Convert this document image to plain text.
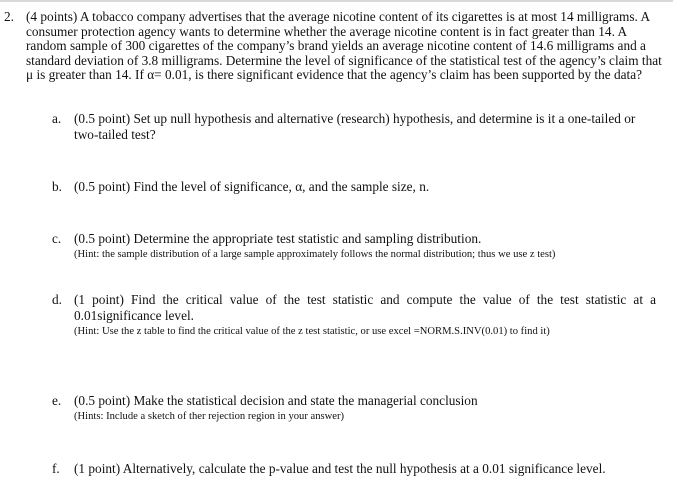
2. (4 points) A tobacco company advertises that the average nicotine content of its cigarettes is at most 14 milligrams. A consumer protection agency wants to determine whether the average nicotine content is in fact greater than 14. A random sample of 300 cigarettes of the company’s brand yields an average nicotine content of 14.6 milligrams and a standard deviation of 3.8 milligrams. Determine the level of significance of the statistical test of the agency’s claim that μ is greater than 14. If α= 0.01, is there significant evidence that the agency’s claim has been supported by the data?
a. (0.5 point) Set up null hypothesis and alternative (research) hypothesis, and determine is it a one-tailed or two-tailed test?
b. (0.5 point) Find the level of significance, α, and the sample size, n.
c. (0.5 point) Determine the appropriate test statistic and sampling distribution.
(Hint: the sample distribution of a large sample approximately follows the normal distribution; thus we use z test)
d. (1 point) Find the critical value of the test statistic and compute the value of the test statistic at a 0.01significance level.
(Hint: Use the z table to find the critical value of the z test statistic, or use excel =NORM.S.INV(0.01) to find it)
e. (0.5 point) Make the statistical decision and state the managerial conclusion
(Hints: Include a sketch of ther rejection region in your answer)
f.	(1 point) Alternatively, calculate the p-value and test the null hypothesis at a 0.01 significance level.
